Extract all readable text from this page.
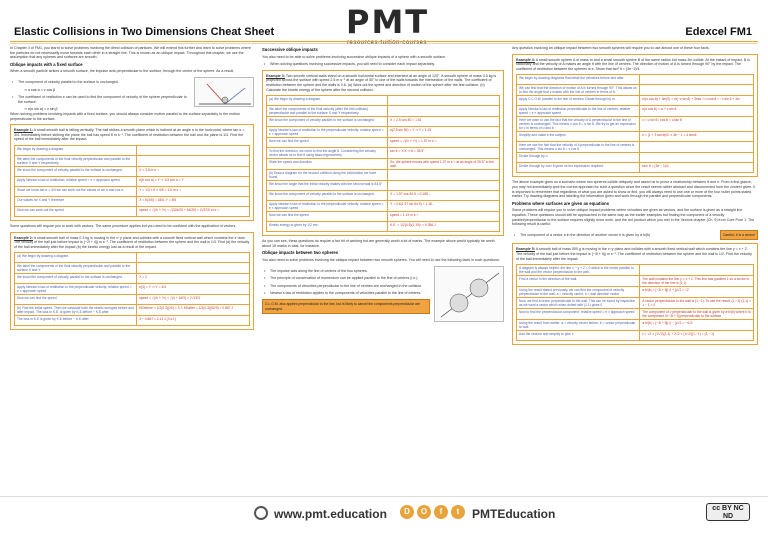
Elastic Collisions in Two Dimensions Cheat Sheet PMT	Edexcel FM1

In Chapter 4 of FM1, you learnt to solve problems involving the direct collision of particles. We will extend this further and learn to solve problems where the particles do not necessarily move towards each other in a straight line. This is known as an oblique impact. Throughout this chapter, we use the assumption that any spheres and surfaces are smooth.

Oblique impacts with a fixed surface

When a smooth particle strikes a smooth surface, the impulse acts perpendicular to the surface, through the centre of the sphere. As a result,

• The component of velocity parallel to the surface is unchanged.
⇒ u cos α = v cos β
• The coefficient of restitution e can be used to find the component of velocity of the sphere perpendicular to the surface.
⇒ e(u sin α) = v sin β

When solving problems involving impacts with a fixed surface, you should always consider motion parallel to the surface separately to the motion perpendicular to the surface.

Example 1: A small smooth ball is falling vertically. The ball strikes a smooth plane which is inclined at an angle α to the horizontal, where tan α = 3/4. Immediately before striking the plane the ball has speed 6 m s⁻¹. The coefficient of restitution between the ball and the plane is 1/3. Find the speed of the ball immediately after the impact.
We begin by drawing a diagram.	
We label the components of the final velocity perpendicular and parallel to the surface X and Y respectively.	
We know the component of velocity parallel to the surface is unchanged.	X = 3.6 m s⁻¹
Apply Newton's law of restitution: relative speed = e × approach speed	e(6 cos α) = Y ⇒ 1/3 cos α = Y
Since we know tan α = 3/4 we can work out the values of sin α and cos α	Y = 1/3 × 6 × 4/5 = 1.6 m s⁻¹
Our values for X and Y therefore	X = 6(3/5) = 18/5, Y = 8/5
Now we can work out the speed	speed = √(X² + Y²) = √(324/25 + 64/25) = 2√97/5 m s⁻¹

Some questions will require you to work with vectors. The same procedure applies but you need to be confident with the application of vectors.

Example 2: A small smooth ball of mass 0.3 kg is moving in the x−y plane and collides with a smooth fixed vertical wall which contains the x−axis. The velocity of the ball just before impact is (−2i + 4j) m s⁻¹. The coefficient of restitution between the sphere and the wall is 1/3. Find (a) the velocity of the ball immediately after the impact (b) the kinetic energy lost as a result of the impact.
(a) We begin by drawing a diagram.	
We label the components of the final velocity perpendicular and parallel to the surface X and Y.	
We know the component of velocity parallel to the surface is unchanged.	X = 2
Apply Newton's law of restitution to the perpendicular velocity: relative speed = e × approach speed	e(4) = Y ⇒ Y = 4/3
Now we can find the speed	speed = √(X² + Y²) = √(4 + 16/9) = 2√13/3
(b) Find the initial speed. Then we calculate both the kinetic energies before and after impact. The loss in K.E. is given by K.E.before − K.E.after	KEbefore = 1/2(0.3)(20) = 3 J, KEafter = 1/2(0.3)(52/9) = 0.867 J
The loss in K.E is given by K.E.before − K.E.after	3 − 0.867 = 2.13 J (3 s.f.)
Successive oblique impacts

You also need to be able to solve problems involving successive oblique impacts of a sphere with a smooth surface.

• When solving questions involving successive impacts, you will need to consider each impact separately.
Example 3: Two smooth vertical walls stand on a smooth horizontal surface and intersect at an angle of 120°. A smooth sphere of mass 0.5 kg is projected across the surface with speed 2.5 m s⁻¹ at an angle of 50° to one of the walls towards the intersection of the walls. The coefficient of restitution between the sphere and the walls is 0.6. (a) Work out the speed and direction of motion of the sphere after the first collision. (b) Calculate the kinetic energy of the sphere after the second collision.
(a) We begin by drawing a diagram.	
We label the components of the final velocity (after the first collision) perpendicular and parallel to the surface X and Y respectively.	
We know the component of velocity parallel to the surface is unchanged.	X = 2.5 cos 50 = 1.61
Apply Newton's law of restitution to the perpendicular velocity: relative speed = e × approach speed	e(2.5 sin 50) = Y ⇒ Y = 1.15
Now we can find the speed	speed = √(X² + Y²) = 1.97 m s⁻¹
To find the direction, we need to find the angle θ. Considering the velocity vector allows us to find θ using basic trigonometry.	tan θ = Y/X ⇒ θ = 35.5°
State the speed and direction	So, the sphere moves with speed 1.97 m s⁻¹ at an angle of 35.5° to the wall.
(b) Draw a diagram for the second collision using the information we have found.	
We know the angle that the initial velocity makes with the second wall is 84.5°	
We know the component of velocity parallel to the surface is unchanged.	X = 1.97 cos 84.5 = 0.188...
Apply Newton's law of restitution to the perpendicular velocity: relative speed = e × approach speed	Y = 0.6(1.97 sin 84.5) = 1.18...
Now we can find the speed	speed = 1.19 m s⁻¹
Kinetic energy is given by 1/2 mv²	K.E. = 1/2(0.5)(1.19)² = 0.356 J

As you can see, these questions do require a fair bit of working but are generally worth a lot of marks. The example above would typically be worth about 16 marks in total, for instance.

Oblique impacts between two spheres

You also need to solve problems involving the oblique impact between two smooth spheres. You will need to use the following facts in such questions:

• The impulse acts along the line of centres of the two spheres.
• The principle of conservation of momentum can be applied parallel to the line of centres (i.e.).
• The components of velocities perpendicular to the line of centres are unchanged in the collision.
• Newton's law of restitution applies to the components of velocities parallel to the line of centres.
C.L.O.M. also applies perpendicular to the line, but is likely to cancel the components perpendicular are unchanged.

Any question involving an oblique impact between two smooth spheres will require you to use almost one of these four facts.

Example 4: A small smooth sphere A of mass m and a small smooth sphere B of the same radius but mass 3m collide. At the instant of impact, B is stationary and the velocity of A makes an angle θ with the line of centres. The direction of motion of A is turned through 90° by the impact. The coefficient of restitution between the spheres is e. Show that tan² θ = (3e−1)/4.
We begin by drawing diagrams that detail the velocities before and after.	
We can find that the direction of motion of A is turned through 90°. This allows us to find the angle that v makes with the line of centres in terms of θ.	
Apply C.L.O.M. parallel to the line of centres: Divide through by m	m(u cos θ) + 3m(0) = m(−v sin θ) + 3mw ⇒ u cos θ = −v sin θ + 3w
Apply Newton's law of restitution perpendicular to the line of centres: relative speed = e × approach speed	e(u cos θ) = w + v sin θ
Here we want to use the fact that the velocity of A perpendicular to the line of centres is unchanged. This means v cos θ = u sin θ. We try to get an expression for v in terms of u and θ	v = u sin θ / cos θ = u tan θ
Simplify and make e the subject.	e = (1 + 3 tan²θ)/3 ⇒ 3e − 1 = 4 tan²θ
Here we use the fact that the velocity of A perpendicular to the line of centres is unchanged. This means u sin θ = v cos θ	
Divide through by u	
Divide through by cos² θ gives us the expression required.	tan² θ = (3e − 1)/4

The above example gives us a scenario where two spheres collide obliquely and asked us to prove a relationship between θ and e. From a first glance, you may not immediately spot the correct approach for such a question since the result seems rather abstract and disconnected from the context given. It is important to remember that regardless of what you are asked to show or find, you will always need to use one or more of the four bullet points stated earlier. Try drawing diagrams and labelling the information given and work through the parallel and perpendicular components.

Problems where surfaces are given as equations

Some problems will require you to solve oblique impact problems where velocities are given as vectors, and the surface is given as a straight line equation. These questions should still be approached in the same way as the earlier examples but finding the component of a velocity parallel/perpendicular to the surface requires slightly more work, and the dot product which you met in the Vectors chapter (Ch. 9) from Core Pure 1. The following result is useful:

• The component of a vector a in the direction of another vector b is given by a·b/|b|	Careful: b is a vector!
Example 5: A smooth ball of mass 500 g is moving in the x−y plane and collides with a smooth fixed vertical wall which contains the line y = x + 2. The velocity of the ball just before the impact is (−3i + 5j) m s⁻¹. The coefficient of restitution between the sphere and the wall is 1/2. Find the velocity of the ball immediately after the impact.
A diagram is always helpful: the line x − y + 2 = 0 which is the vector parallel to the wall and the vector perpendicular to the wall.	
Find a vector in the direction of the wall.	The wall contains the line y = x + 2. This line has gradient 1 so a vector in the direction of the line is (1,1)
Using the result stated previously, we can find the component of velocity perpendicular to the wall: a = velocity vector, b = wall direction vector	a·b/|b| = (−3i + 5j)·(i + j)/√2 = √2
Now, we find a vector perpendicular to the wall. This can be found by inspection as we want a vector which when dotted with (1,1) gives 0	A vector perpendicular to the wall is (1,−1). To use the result, (1,−1)·(1,1) = 1 − 1 = 0
Now to find the perpendicular component: relative speed = e × approach speed	The component of v perpendicular to the wall is given by a·b/|b| where b is the component of −3i + 5j perpendicular to the surface.
Using the result from earlier: a = velocity vector before, b = vector perpendicular to wall	a·b/|b| = (−3i + 5j)·(i − j)/√2 = −4√2
Add the vectors and simplify to give v	v = √2 × (1/√2)(1,1) + 2√2 × (1/√2)(1,−1) = (3, −1)
www.pmt.education	D	O	f	t	PMTEducation	cc BY NC ND
